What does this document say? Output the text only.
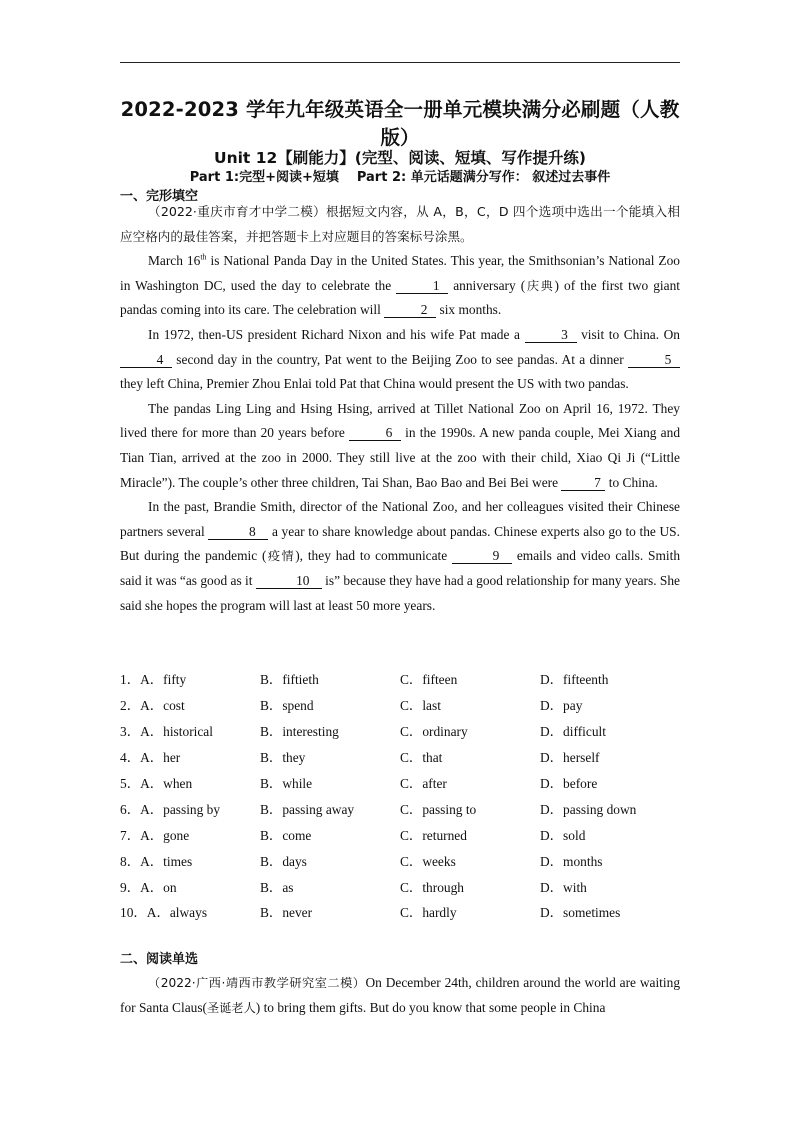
2022-2023 学年九年级英语全一册单元模块满分必刷题（人教
版）
Unit 12【刷能力】(完型、阅读、短填、写作提升练)
Part 1:完型+阅读+短填 Part 2: 单元话题满分写作： 叙述过去事件
一、完形填空

（2022·重庆市育才中学二模）根据短文内容，从 A，B，C，D 四个选项中选出一个能填入相应空格内的最佳答案，并把答题卡上对应题目的答案标号涂黑。

March 16th is National Panda Day in the United States. This year, the Smithsonian’s National Zoo in Washington DC, used the day to celebrate the	1 anniversary (庆典) of the first two giant pandas coming into its care. The celebration will	2 six months.

In 1972, then-US president Richard Nixon and his wife Pat made a	3 visit to China. On 4 second day in the country, Pat went to the Beijing Zoo to see pandas. At a dinner	5 they left China, Premier Zhou Enlai told Pat that China would present the US with two pandas.

The pandas Ling Ling and Hsing Hsing, arrived at Tillet National Zoo on April 16, 1972. They lived there for more than 20 years before	6 in the 1990s. A new panda couple, Mei Xiang and Tian Tian, arrived at the zoo in 2000. They still live at the zoo with their child, Xiao Qi Ji (“Little Miracle”). The couple’s other three children, Tai Shan, Bao Bao and Bei Bei were 7 to China.

In the past, Brandie Smith, director of the National Zoo, and her colleagues visited their Chinese partners several	8 a year to share knowledge about pandas. Chinese experts also go to the US. But during the pandemic (疫情), they had to communicate	9 emails and video calls. Smith said it was “as good as it	10 is” because they have had a good relationship for many years. She said she hopes the program will last at least 50 more years.

1．A．fifty	B．fiftieth	C．fifteen	D．fifteenth
2．A．cost	B．spend	C．last	D．pay
3．A．historical	B．interesting	C．ordinary	D．difficult
4．A．her	B．they	C．that	D．herself
5．A．when	B．while	C．after	D．before
6．A．passing by	B．passing away	C．passing to	D．passing down
7．A．gone	B．come	C．returned	D．sold
8．A．times	B．days	C．weeks	D．months
9．A．on	B．as	C．through	D．with
10．A．always	B．never	C．hardly	D．sometimes
二、阅读单选

（2022·广西·靖西市教学研究室二模）On December 24th, children around the world are waiting for Santa Claus(圣诞老人) to bring them gifts. But do you know that some people in China
